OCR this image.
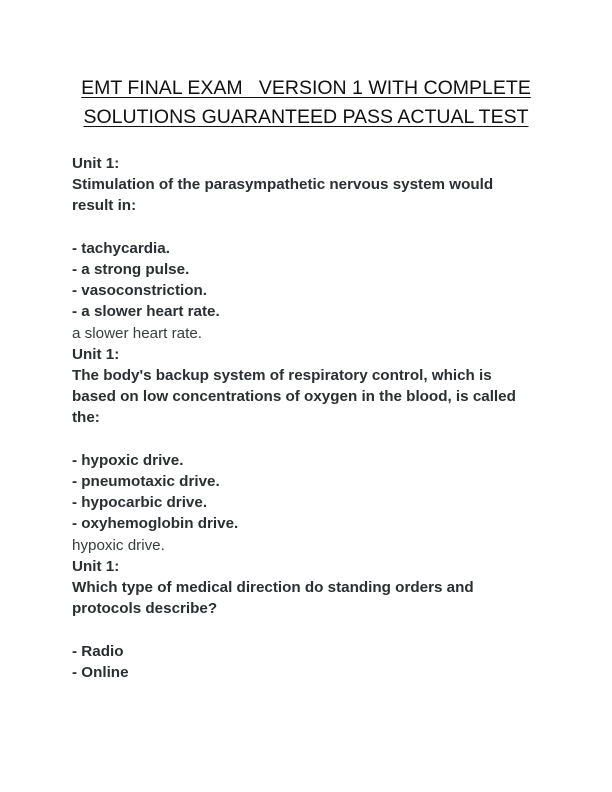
EMT FINAL EXAM   VERSION 1 WITH COMPLETE
SOLUTIONS GUARANTEED PASS ACTUAL TEST
Unit 1:
Stimulation of the parasympathetic nervous system would
result in:
- tachycardia.
- a strong pulse.
- vasoconstriction.
- a slower heart rate.
a slower heart rate.
Unit 1:
The body's backup system of respiratory control, which is
based on low concentrations of oxygen in the blood, is called
the:
- hypoxic drive.
- pneumotaxic drive.
- hypocarbic drive.
- oxyhemoglobin drive.
hypoxic drive.
Unit 1:
Which type of medical direction do standing orders and
protocols describe?
- Radio
- Online
